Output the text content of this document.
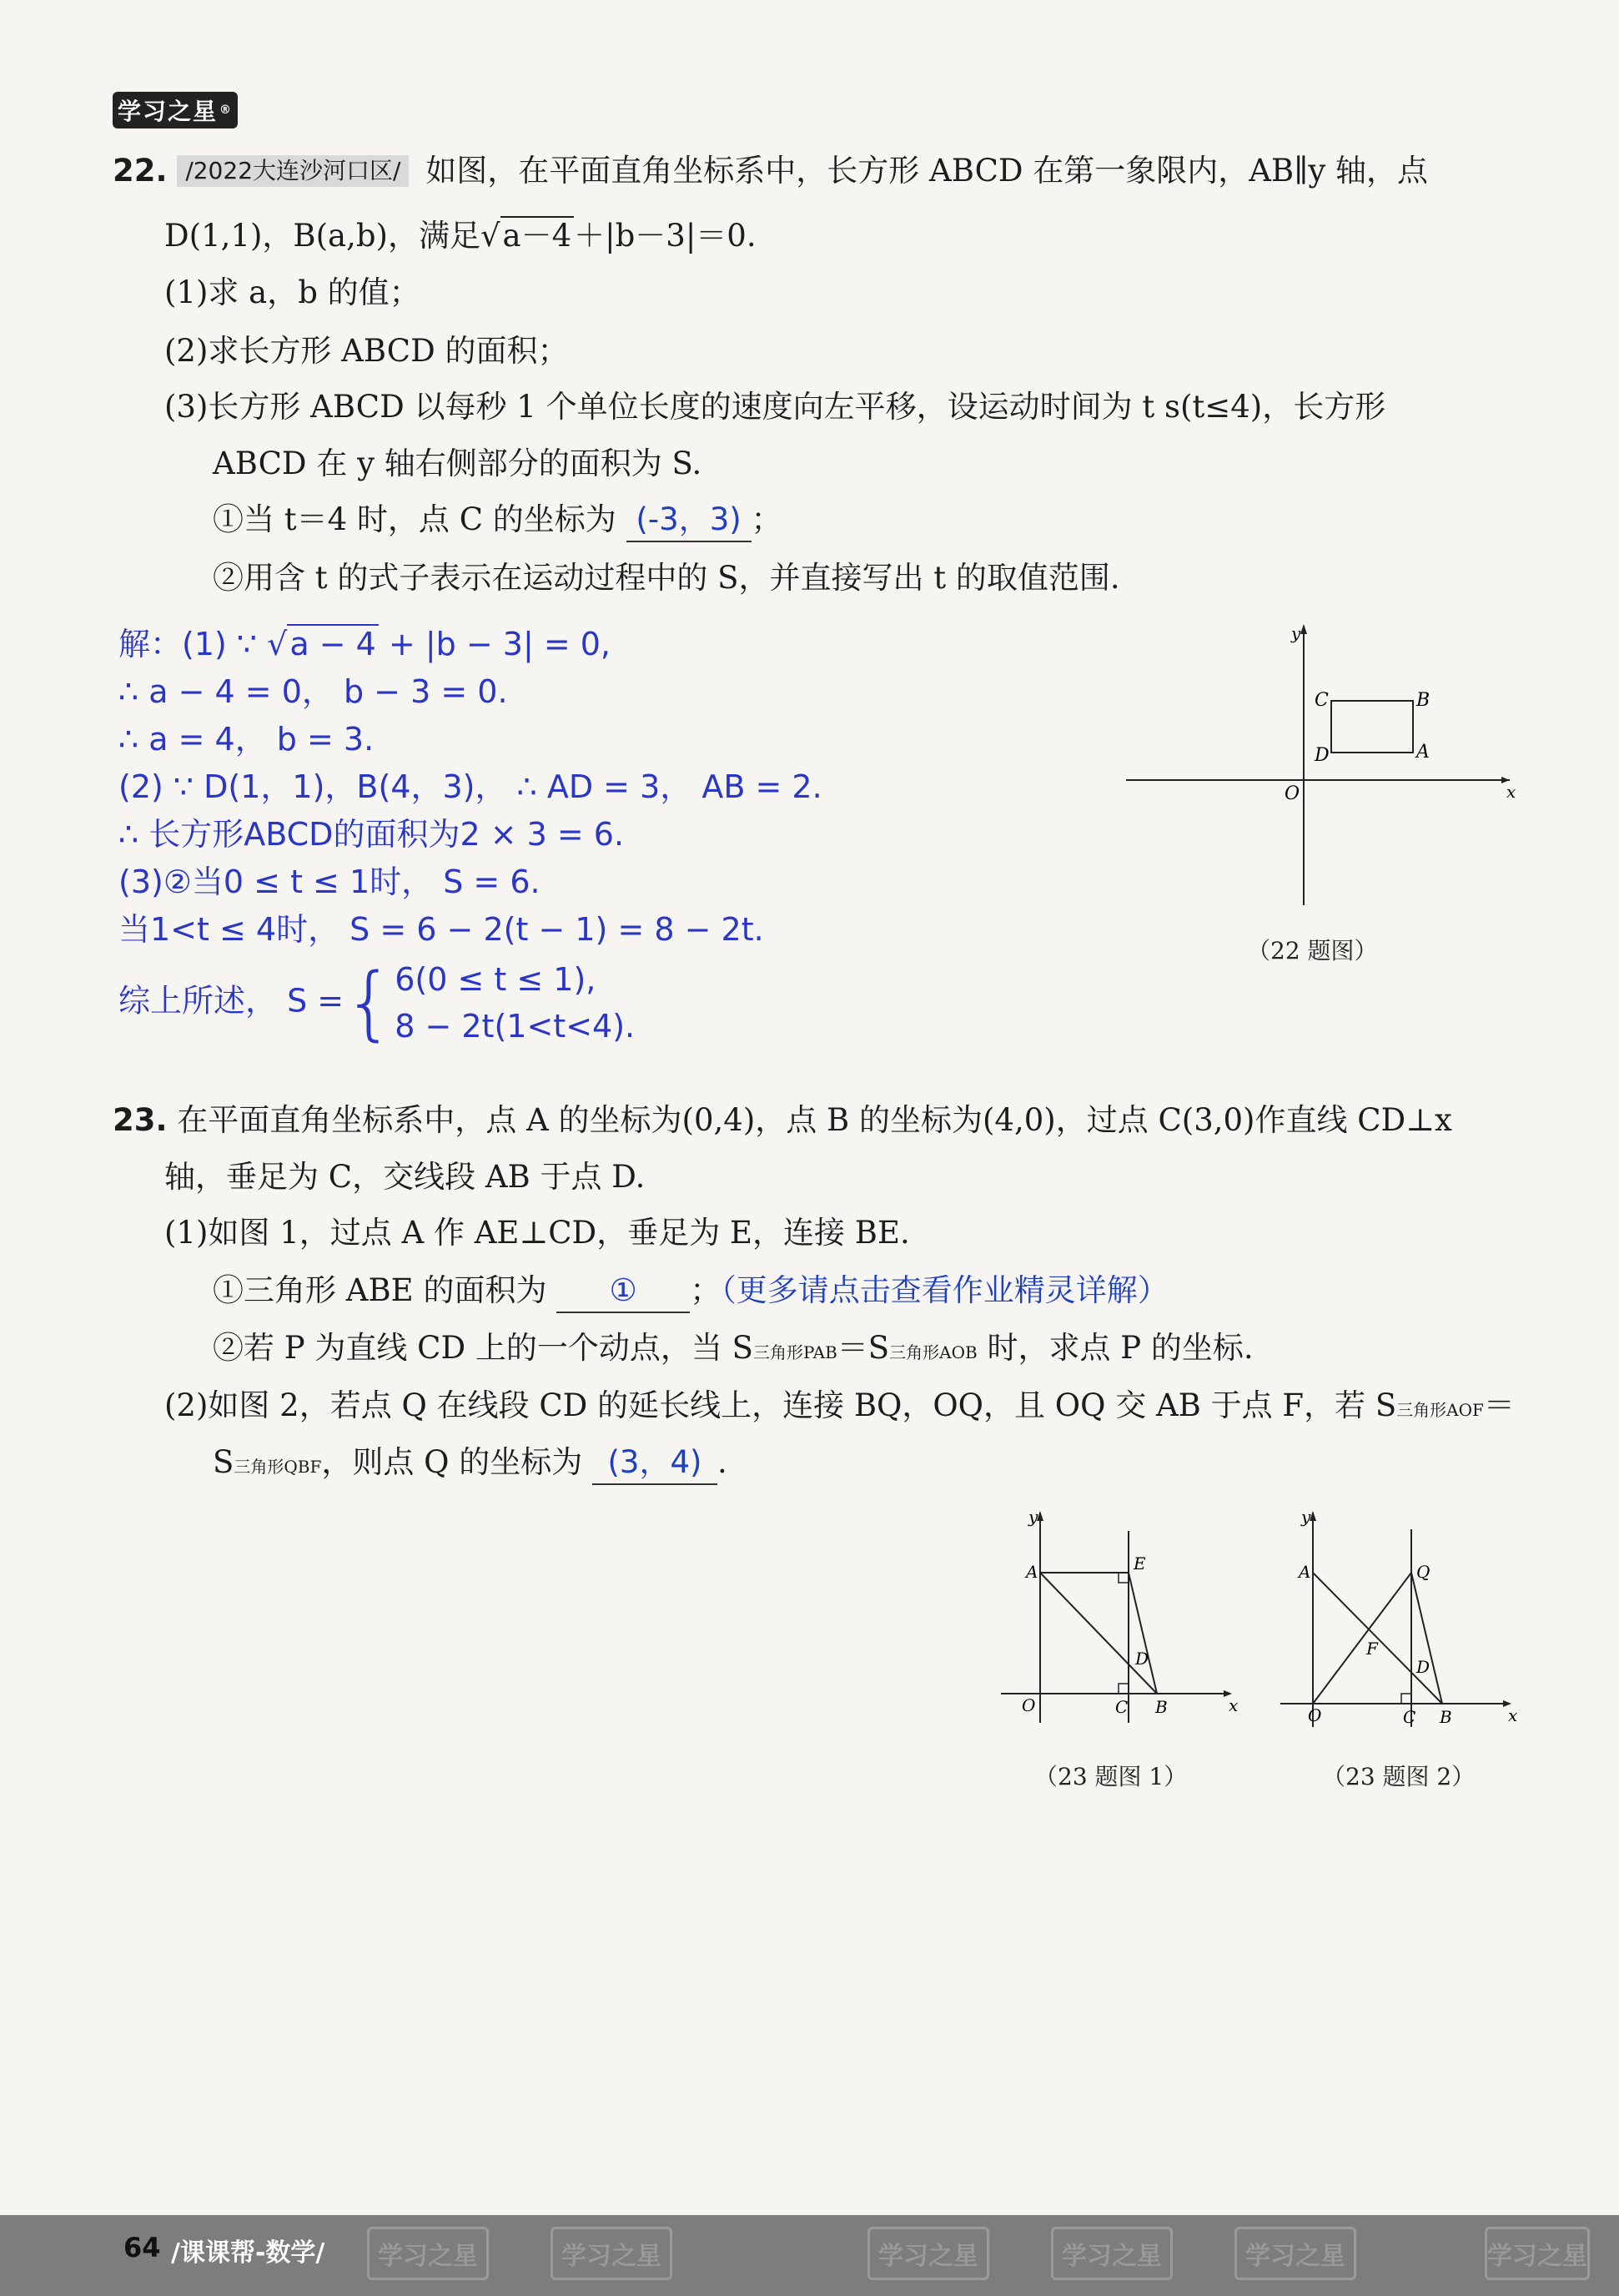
学习之星 ®
22. /2022大连沙河口区/ 如图，在平面直角坐标系中，长方形 ABCD 在第一象限内，AB∥y 轴，点
D(1,1)，B(a,b)，满足√a－4＋|b－3|＝0.
(1)求 a，b 的值；
(2)求长方形 ABCD 的面积；
(3)长方形 ABCD 以每秒 1 个单位长度的速度向左平移，设运动时间为 t s(t≤4)，长方形
ABCD 在 y 轴右侧部分的面积为 S.
①当 t＝4 时，点 C 的坐标为 (-3，3) ；
②用含 t 的式子表示在运动过程中的 S，并直接写出 t 的取值范围.
解：(1) ∵ √a − 4 + |b − 3| = 0,
∴ a − 4 = 0， b − 3 = 0.
∴ a = 4， b = 3.
(2) ∵ D(1，1)，B(4，3)， ∴ AD = 3， AB = 2.
∴ 长方形ABCD的面积为2 × 3 = 6.
(3)②当0 ≤ t ≤ 1时， S = 6.
当1<t ≤ 4时， S = 6 − 2(t − 1) = 8 − 2t.
综上所述， S ={6(0 ≤ t ≤ 1),
8 − 2t(1<t<4).
y
x
O
C	B
D	A
（22 题图）
23. 在平面直角坐标系中，点 A 的坐标为(0,4)，点 B 的坐标为(4,0)，过点 C(3,0)作直线 CD⊥x
轴，垂足为 C，交线段 AB 于点 D.
(1)如图 1，过点 A 作 AE⊥CD，垂足为 E，连接 BE.
①三角形 ABE 的面积为 ① ；（更多请点击查看作业精灵详解）
②若 P 为直线 CD 上的一个动点，当 S三角形PAB＝S三角形AOB 时，求点 P 的坐标.
(2)如图 2，若点 Q 在线段 CD 的延长线上，连接 BQ，OQ，且 OQ 交 AB 于点 F，若 S三角形AOF＝
S三角形QBF，则点 Q 的坐标为 (3，4) .
y
x
A	E
D
O	C B
（23 题图 1）
y
x
A	Q
F
D
O	C B
（23 题图 2）
64 /课课帮-数学/	学习之星	学习之星	学习之星	学习之星	学习之星	学习之星
